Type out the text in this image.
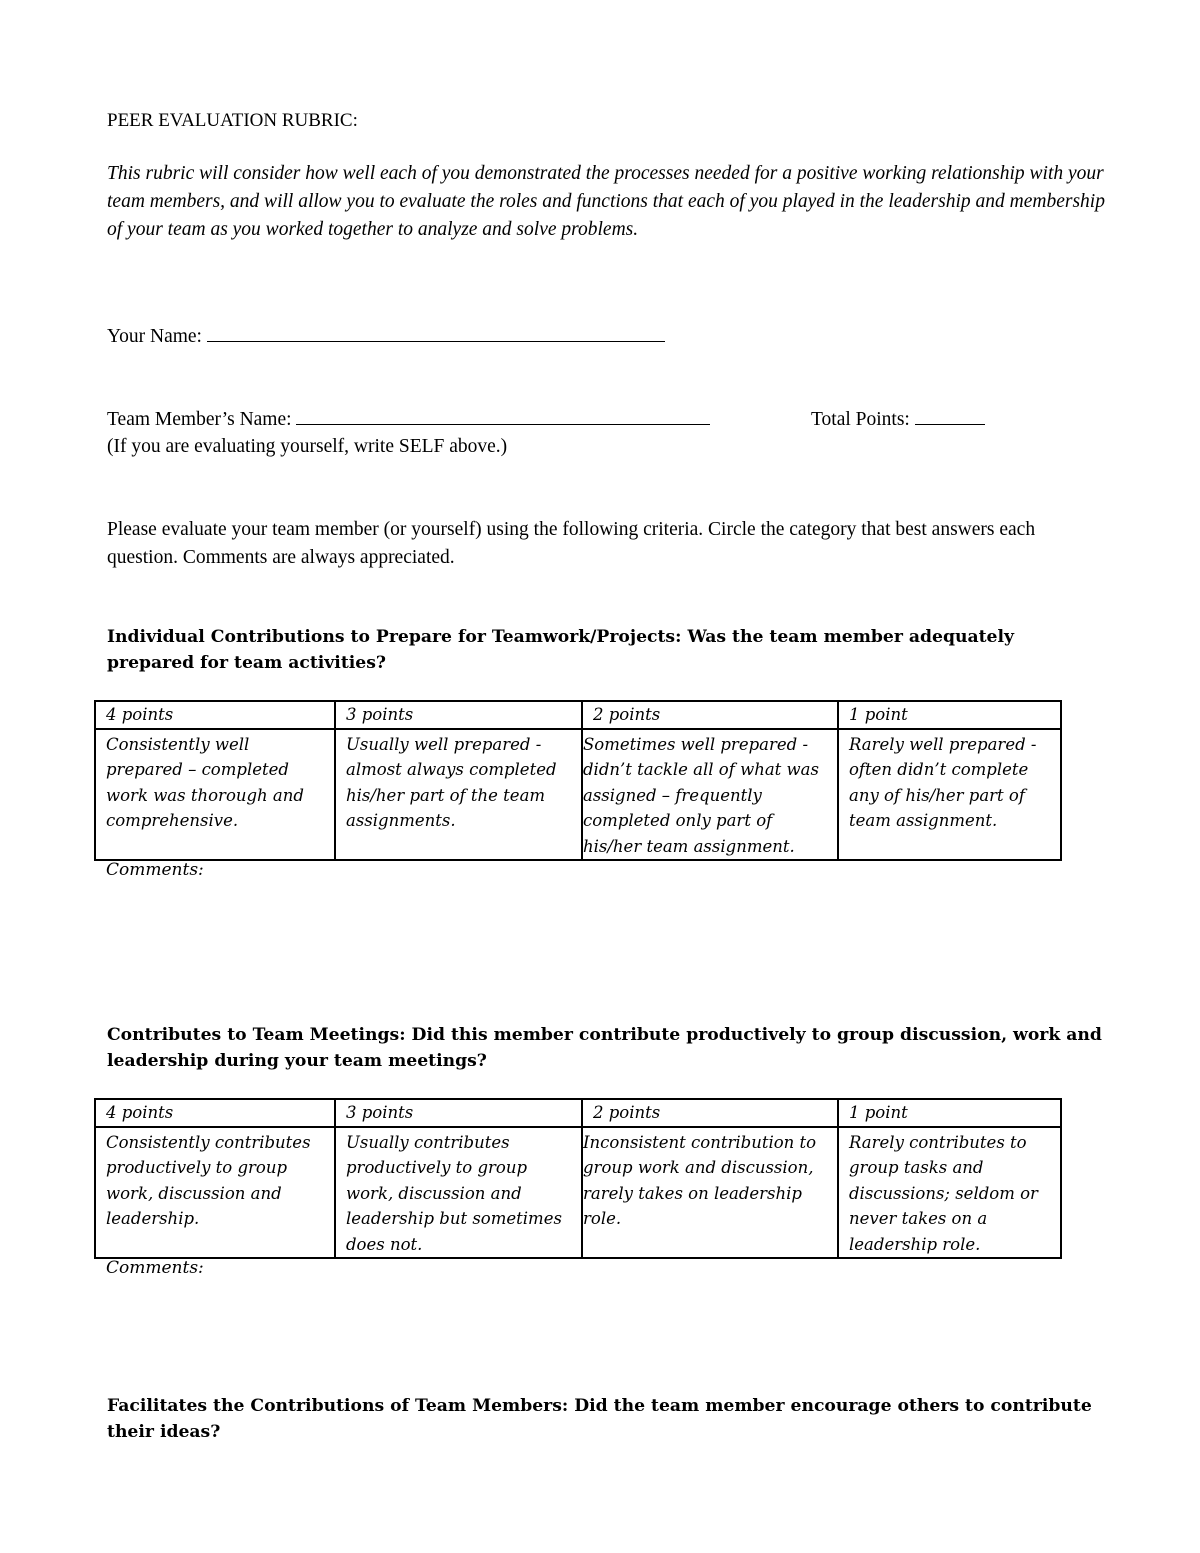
PEER EVALUATION RUBRIC:
This rubric will consider how well each of you demonstrated the processes needed for a positive working relationship with your team members, and will allow you to evaluate the roles and functions that each of you played in the leadership and membership of your team as you worked together to analyze and solve problems.
Your Name:
Team Member’s Name:	Total Points:
(If you are evaluating yourself, write SELF above.)
Please evaluate your team member (or yourself) using the following criteria. Circle the category that best answers each question. Comments are always appreciated.
Individual Contributions to Prepare for Teamwork/Projects: Was the team member adequately prepared for team activities?
4 points	3 points	2 points	1 point
Consistently well prepared – completed work was thorough and comprehensive.	Usually well prepared - almost always completed his/her part of the team assignments.	Sometimes well prepared - didn’t tackle all of what was assigned – frequently completed only part of his/her team assignment.	Rarely well prepared - often didn’t complete any of his/her part of team assignment.
Comments:
Contributes to Team Meetings: Did this member contribute productively to group discussion, work and leadership during your team meetings?
4 points	3 points	2 points	1 point
Consistently contributes productively to group work, discussion and leadership.	Usually contributes productively to group work, discussion and leadership but sometimes does not.	Inconsistent contribution to group work and discussion, rarely takes on leadership role.	Rarely contributes to group tasks and discussions; seldom or never takes on a leadership role.
Comments:
Facilitates the Contributions of Team Members: Did the team member encourage others to contribute their ideas?
